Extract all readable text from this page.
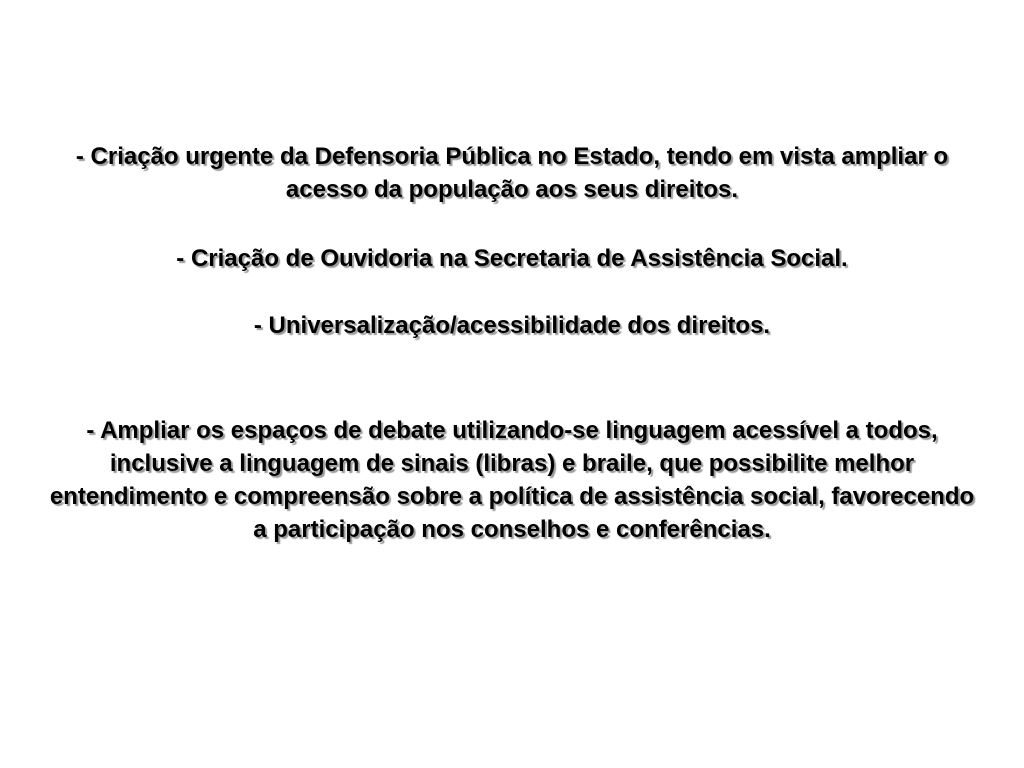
- Criação urgente da Defensoria Pública no Estado, tendo em vista ampliar o acesso da população aos seus direitos.

- Criação de Ouvidoria na Secretaria de Assistência Social.

- Universalização/acessibilidade dos direitos.

- Ampliar os espaços de debate utilizando-se linguagem acessível a todos, inclusive a linguagem de sinais (libras) e braile, que possibilite melhor entendimento e compreensão sobre a política de assistência social, favorecendo a participação nos conselhos e conferências.
